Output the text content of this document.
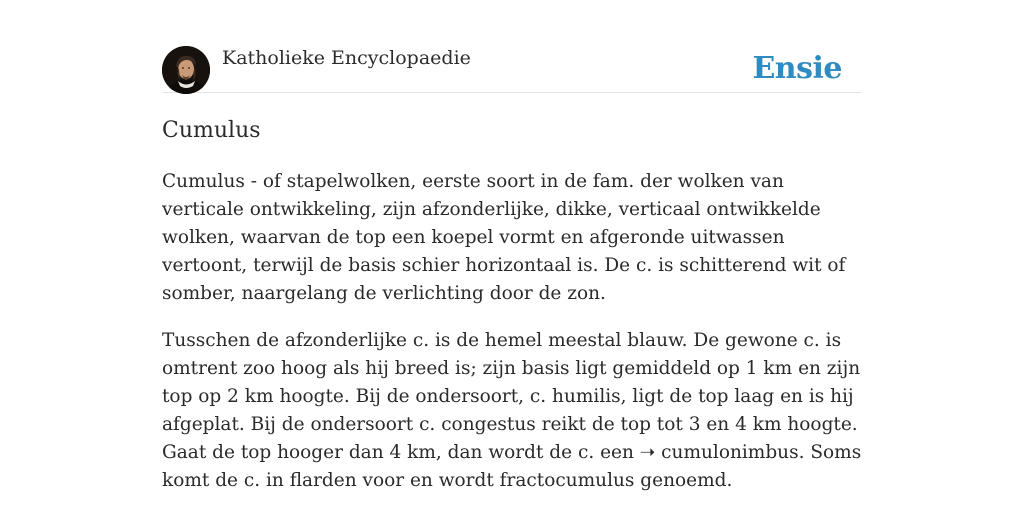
Katholieke Encyclopaedie	Ensie
Cumulus

Cumulus - of stapelwolken, eerste soort in de fam. der wolken van verticale ontwikkeling, zijn afzonderlijke, dikke, verticaal ontwikkelde wolken, waarvan de top een koepel vormt en afgeronde uitwassen vertoont, terwijl de basis schier horizontaal is. De c. is schitterend wit of somber, naargelang de verlichting door de zon.

Tusschen de afzonderlijke c. is de hemel meestal blauw. De gewone c. is omtrent zoo hoog als hij breed is; zijn basis ligt gemiddeld op 1 km en zijn top op 2 km hoogte. Bij de ondersoort, c. humilis, ligt de top laag en is hij afgeplat. Bij de ondersoort c. congestus reikt de top tot 3 en 4 km hoogte. Gaat de top hooger dan 4 km, dan wordt de c. een ➝ cumulonimbus. Soms komt de c. in flarden voor en wordt fractocumulus genoemd.
